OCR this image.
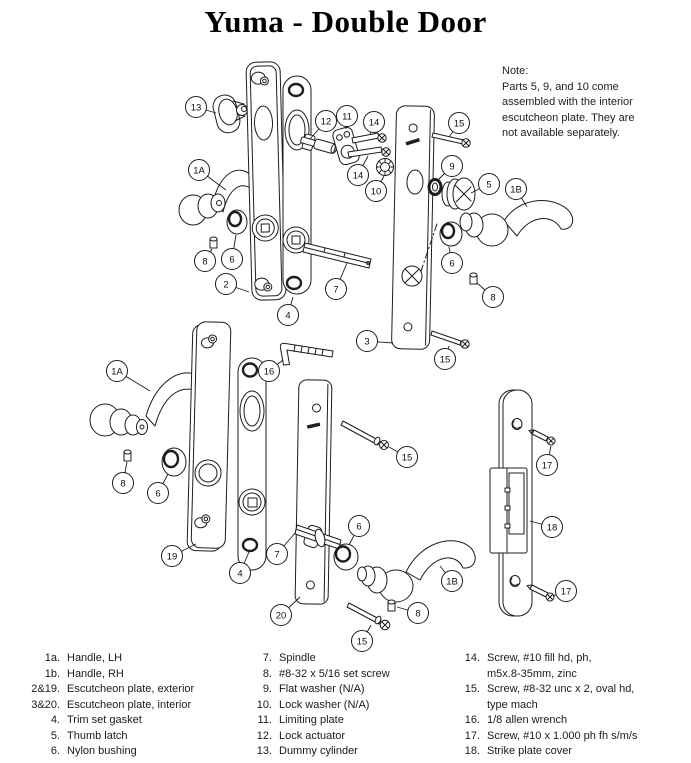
Yuma - Double Door
Note:
Parts 5, 9, and 10 come
assembled with the interior
escutcheon plate. They are
not available separately.
13
1A
12 11
14
14
10
15
9
5 1B
8 6
2
4
7
3
15
6
8
1A	16
8
6
19
4
7
20
15
6
1B
8
15
17
18
17
1a. Handle, LH
1b. Handle, RH
2&19. Escutcheon plate, exterior
3&20. Escutcheon plate, interior
4. Trim set gasket
5. Thumb latch
6. Nylon bushing
7. Spindle
8. #8-32 x 5/16 set screw
9. Flat washer (N/A)
10. Lock washer (N/A)
11. Limiting plate
12. Lock actuator
13. Dummy cylinder
14. Screw, #10 fill hd, ph,
m5x.8-35mm, zinc
15. Screw, #8-32 unc x 2, oval hd,
type mach
16. 1/8 allen wrench
17. Screw, #10 x 1.000 ph fh s/m/s
18. Strike plate cover
